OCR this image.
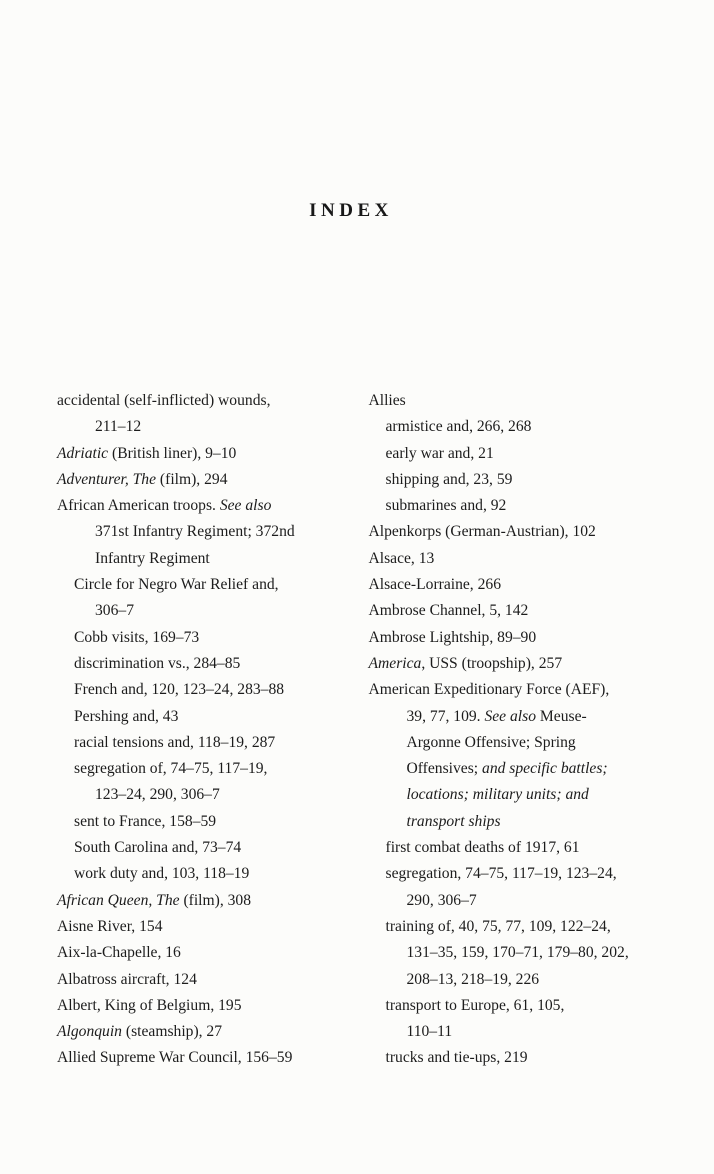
INDEX
accidental (self-inflicted) wounds,
211–12
Adriatic (British liner), 9–10
Adventurer, The (film), 294
African American troops. See also
371st Infantry Regiment; 372nd
Infantry Regiment
Circle for Negro War Relief and,
306–7
Cobb visits, 169–73
discrimination vs., 284–85
French and, 120, 123–24, 283–88
Pershing and, 43
racial tensions and, 118–19, 287
segregation of, 74–75, 117–19,
123–24, 290, 306–7
sent to France, 158–59
South Carolina and, 73–74
work duty and, 103, 118–19
African Queen, The (film), 308
Aisne River, 154
Aix-la-Chapelle, 16
Albatross aircraft, 124
Albert, King of Belgium, 195
Algonquin (steamship), 27
Allied Supreme War Council, 156–59
Allies
armistice and, 266, 268
early war and, 21
shipping and, 23, 59
submarines and, 92
Alpenkorps (German-Austrian), 102
Alsace, 13
Alsace-Lorraine, 266
Ambrose Channel, 5, 142
Ambrose Lightship, 89–90
America, USS (troopship), 257
American Expeditionary Force (AEF),
39, 77, 109. See also Meuse-
Argonne Offensive; Spring
Offensives; and specific battles;
locations; military units; and
transport ships
first combat deaths of 1917, 61
segregation, 74–75, 117–19, 123–24,
290, 306–7
training of, 40, 75, 77, 109, 122–24,
131–35, 159, 170–71, 179–80, 202,
208–13, 218–19, 226
transport to Europe, 61, 105,
110–11
trucks and tie-ups, 219
